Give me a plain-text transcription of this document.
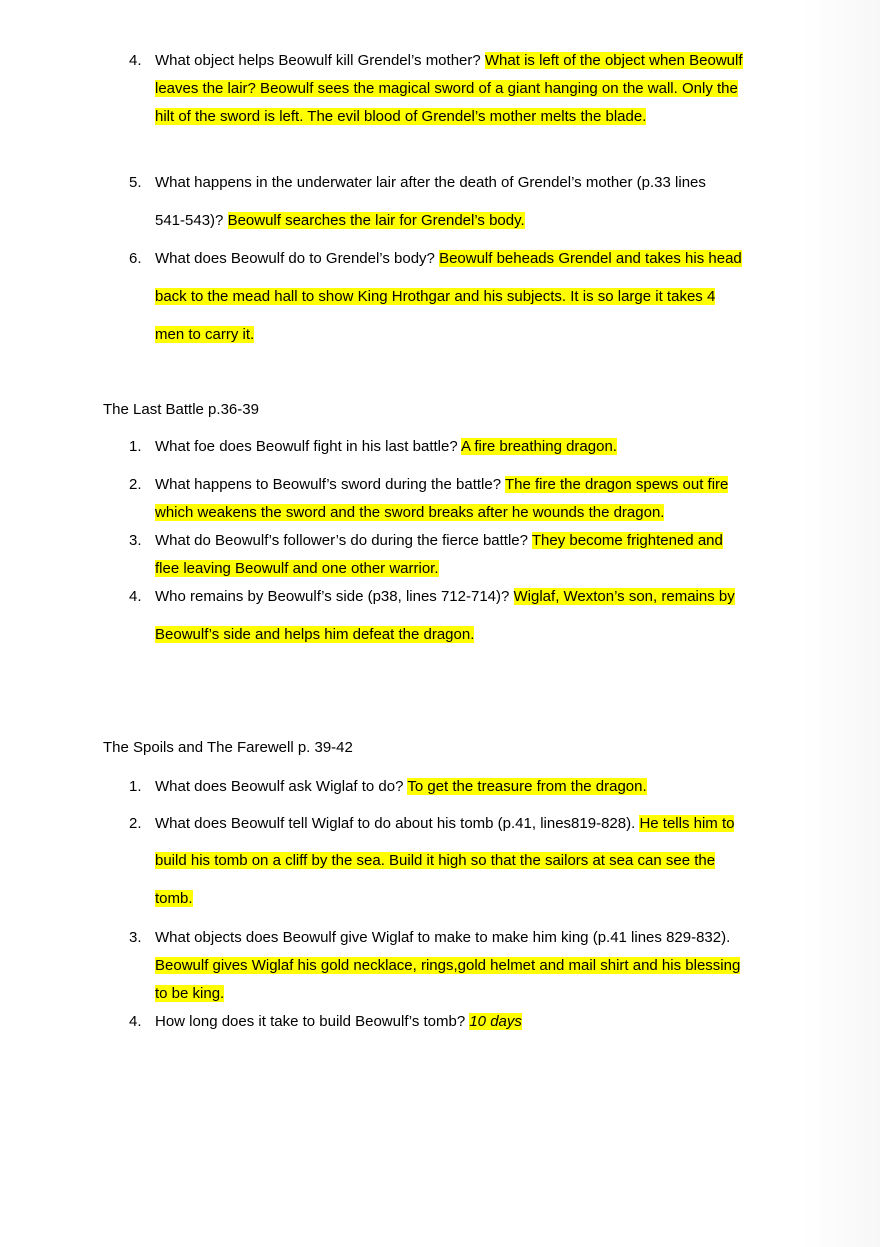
4. What object helps Beowulf kill Grendel’s mother? What is left of the object when Beowulf
leaves the lair? Beowulf sees the magical sword of a giant hanging on the wall. Only the
hilt of the sword is left. The evil blood of Grendel’s mother melts the blade.
5. What happens in the underwater lair after the death of Grendel’s mother (p.33 lines
541-543)? Beowulf searches the lair for Grendel’s body.
6. What does Beowulf do to Grendel’s body? Beowulf beheads Grendel and takes his head
back to the mead hall to show King Hrothgar and his subjects. It is so large it takes 4
men to carry it.
The Last Battle p.36-39
1. What foe does Beowulf fight in his last battle? A fire breathing dragon.
2. What happens to Beowulf’s sword during the battle? The fire the dragon spews out fire
which weakens the sword and the sword breaks after he wounds the dragon.
3. What do Beowulf’s follower’s do during the fierce battle? They become frightened and
flee leaving Beowulf and one other warrior.
4. Who remains by Beowulf’s side (p38, lines 712-714)? Wiglaf, Wexton’s son, remains by
Beowulf’s side and helps him defeat the dragon.
The Spoils and The Farewell p. 39-42
1. What does Beowulf ask Wiglaf to do? To get the treasure from the dragon.
2. What does Beowulf tell Wiglaf to do about his tomb (p.41, lines819-828). He tells him to
build his tomb on a cliff by the sea. Build it high so that the sailors at sea can see the
tomb.
3. What objects does Beowulf give Wiglaf to make to make him king (p.41 lines 829-832).
Beowulf gives Wiglaf his gold necklace, rings,gold helmet and mail shirt and his blessing
to be king.
4. How long does it take to build Beowulf’s tomb? 10 days
